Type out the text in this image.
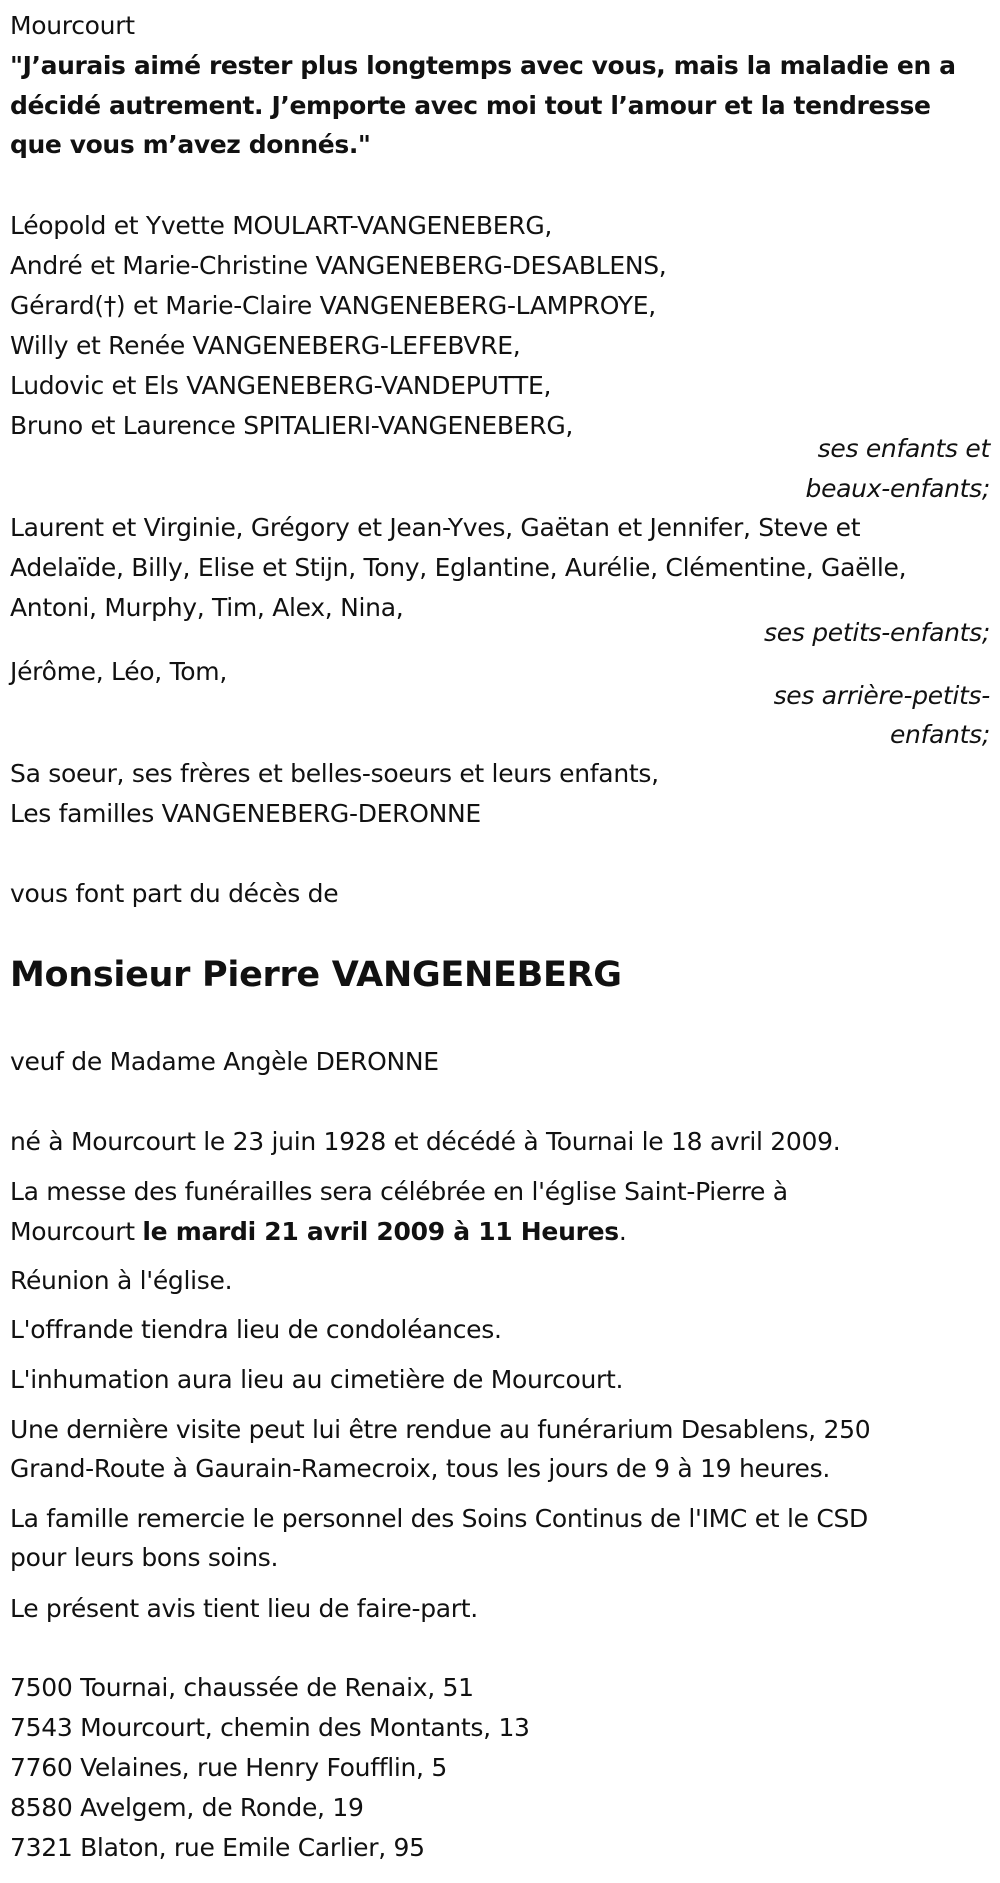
Mourcourt
"J’aurais aimé rester plus longtemps avec vous, mais la maladie en a
décidé autrement. J’emporte avec moi tout l’amour et la tendresse
que vous m’avez donnés."
Léopold et Yvette MOULART-VANGENEBERG,
André et Marie-Christine VANGENEBERG-DESABLENS,
Gérard(†) et Marie-Claire VANGENEBERG-LAMPROYE,
Willy et Renée VANGENEBERG-LEFEBVRE,
Ludovic et Els VANGENEBERG-VANDEPUTTE,
Bruno et Laurence SPITALIERI-VANGENEBERG,
ses enfants et
beaux-enfants;
Laurent et Virginie, Grégory et Jean-Yves, Gaëtan et Jennifer, Steve et
Adelaïde, Billy, Elise et Stijn, Tony, Eglantine, Aurélie, Clémentine, Gaëlle,
Antoni, Murphy, Tim, Alex, Nina,
ses petits-enfants;
Jérôme, Léo, Tom,
ses arrière-petits-
enfants;
Sa soeur, ses frères et belles-soeurs et leurs enfants,
Les familles VANGENEBERG-DERONNE
vous font part du décès de
Monsieur Pierre VANGENEBERG
veuf de Madame Angèle DERONNE
né à Mourcourt le 23 juin 1928 et décédé à Tournai le 18 avril 2009.
La messe des funérailles sera célébrée en l'église Saint-Pierre à
Mourcourt le mardi 21 avril 2009 à 11 Heures.
Réunion à l'église.
L'offrande tiendra lieu de condoléances.
L'inhumation aura lieu au cimetière de Mourcourt.
Une dernière visite peut lui être rendue au funérarium Desablens, 250
Grand-Route à Gaurain-Ramecroix, tous les jours de 9 à 19 heures.
La famille remercie le personnel des Soins Continus de l'IMC et le CSD
pour leurs bons soins.
Le présent avis tient lieu de faire-part.
7500 Tournai, chaussée de Renaix, 51
7543 Mourcourt, chemin des Montants, 13
7760 Velaines, rue Henry Foufflin, 5
8580 Avelgem, de Ronde, 19
7321 Blaton, rue Emile Carlier, 95
